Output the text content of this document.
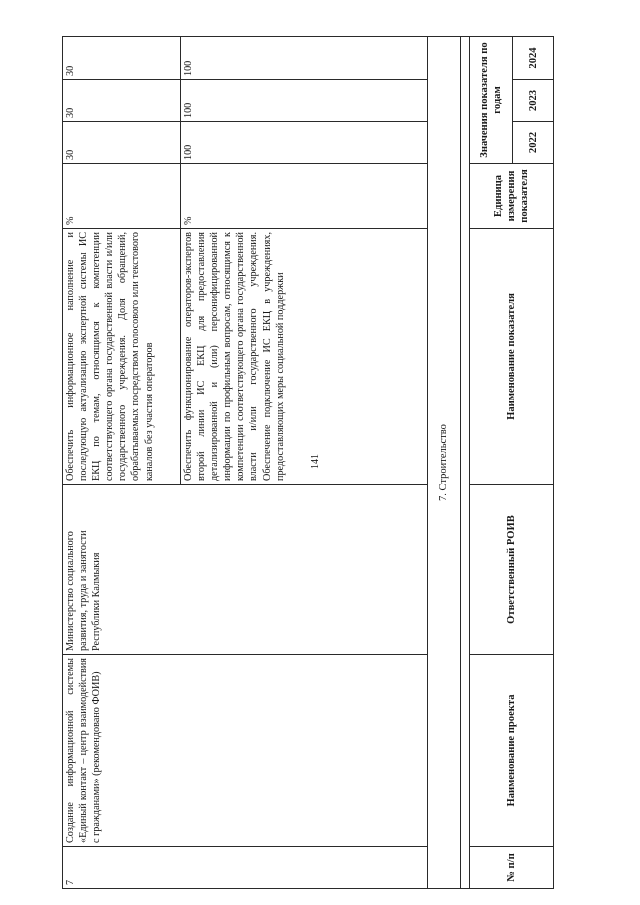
141
7	Создание информационной системы «Единый контакт – центр взаимодействия с гражданами» (рекомендовано ФОИВ)	Министерство социального развития, труда и занятости Республики Калмыкия	Обеспечить информационное наполнение и последующую актуализацию экспертной системы ИС ЕКЦ по темам, относящимся к компетенции соответствующего органа государственной власти и/или государственного учреждения. Доля обращений, обрабатываемых посредством голосового или текстового каналов без участия операторов	%	30	30	30
			Обеспечить функционирование операторов-экспертов второй линии ИС ЕКЦ для предоставления детализированной и (или) персонифицированной информации по профильным вопросам, относящимся к компетенции соответствующего органа государственной власти и/или государственного учреждения. Обеспечение подключение ИС ЕКЦ в учреждениях, предоставляющих меры социальной поддержки	%	100	100	100
7. Строительство							

№ п/п	Наименование проекта	Ответственный РОИВ	Наименование показателя	Единица измерения показателя	Значения показателя по годам		
					2022	2023	2024
